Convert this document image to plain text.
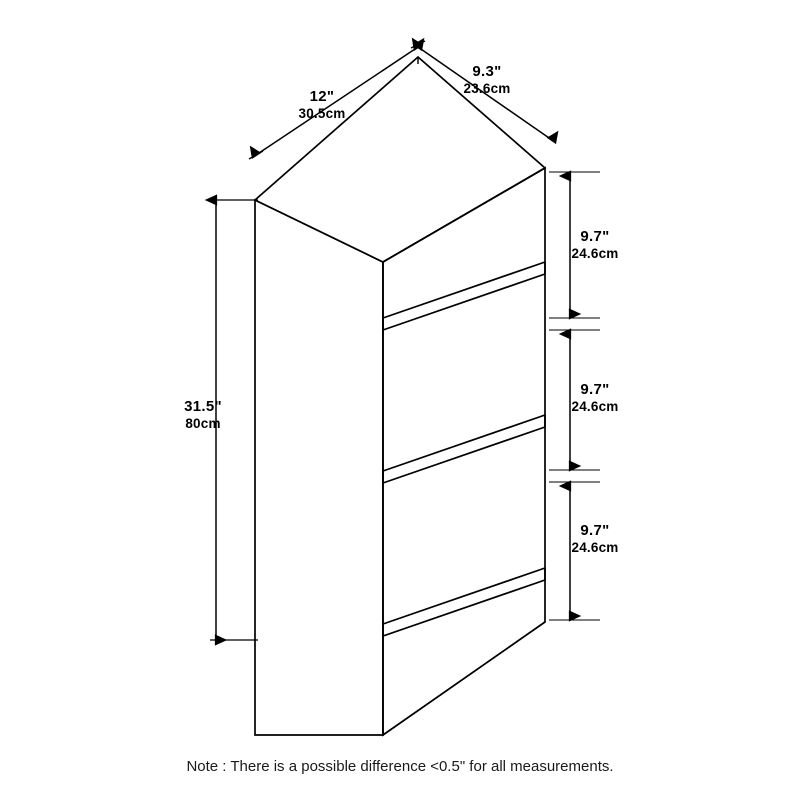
12"
30.5cm
9.3"
23.6cm
31.5"
80cm
9.7"
24.6cm
9.7"
24.6cm
9.7"
24.6cm
Note : There is a possible difference <0.5" for all measurements.
